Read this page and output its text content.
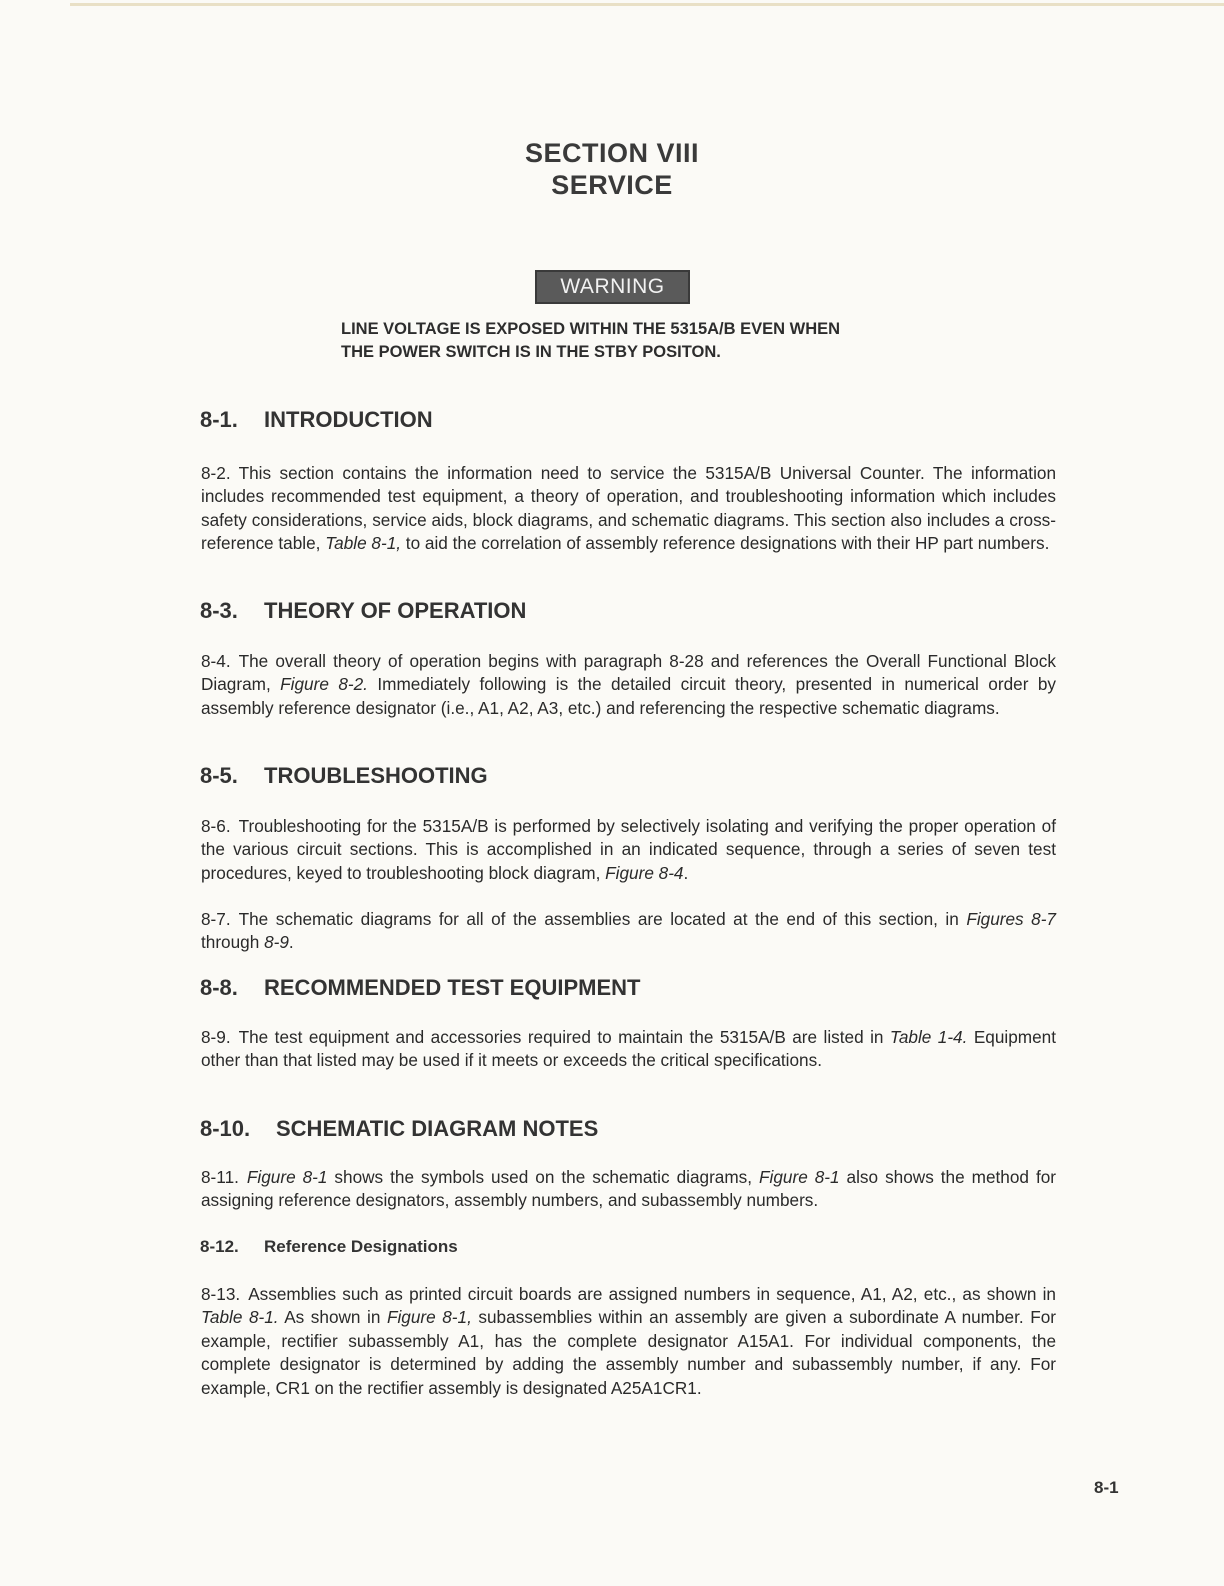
SECTION VIII
SERVICE
WARNING
LINE VOLTAGE IS EXPOSED WITHIN THE 5315A/B EVEN WHEN
THE POWER SWITCH IS IN THE STBY POSITON.
8-1. INTRODUCTION
8-2. This section contains the information need to service the 5315A/B Universal Counter. The information includes recommended test equipment, a theory of operation, and troubleshooting information which includes safety considerations, service aids, block diagrams, and schematic diagrams. This section also includes a cross-reference table, Table 8-1, to aid the correlation of assembly reference designations with their HP part numbers.
8-3. THEORY OF OPERATION
8-4. The overall theory of operation begins with paragraph 8-28 and references the Overall Functional Block Diagram, Figure 8-2. Immediately following is the detailed circuit theory, presented in numerical order by assembly reference designator (i.e., A1, A2, A3, etc.) and referencing the respective schematic diagrams.
8-5. TROUBLESHOOTING
8-6. Troubleshooting for the 5315A/B is performed by selectively isolating and verifying the proper operation of the various circuit sections. This is accomplished in an indicated sequence, through a series of seven test procedures, keyed to troubleshooting block diagram, Figure 8-4.
8-7. The schematic diagrams for all of the assemblies are located at the end of this section, in Figures 8-7 through 8-9.
8-8. RECOMMENDED TEST EQUIPMENT
8-9. The test equipment and accessories required to maintain the 5315A/B are listed in Table 1-4. Equipment other than that listed may be used if it meets or exceeds the critical specifications.
8-10. SCHEMATIC DIAGRAM NOTES
8-11. Figure 8-1 shows the symbols used on the schematic diagrams, Figure 8-1 also shows the method for assigning reference designators, assembly numbers, and subassembly numbers.
8-12. Reference Designations
8-13. Assemblies such as printed circuit boards are assigned numbers in sequence, A1, A2, etc., as shown in Table 8-1. As shown in Figure 8-1, subassemblies within an assembly are given a subordinate A number. For example, rectifier subassembly A1, has the complete designator A15A1. For individual components, the complete designator is determined by adding the assembly number and subassembly number, if any. For example, CR1 on the rectifier assembly is designated A25A1CR1.
8-1
